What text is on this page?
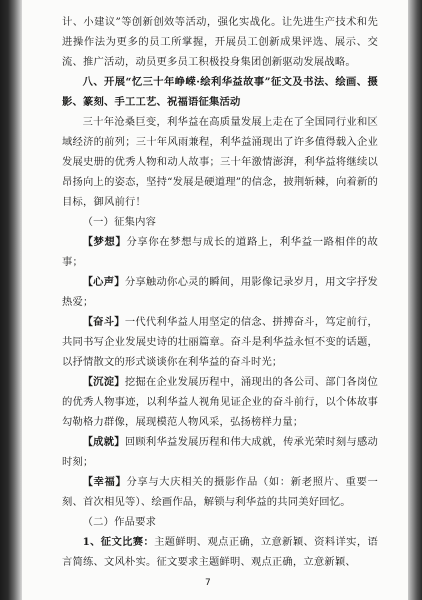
计、小建议”等创新创效等活动，强化实战化。让先进生产技术和先进操作法为更多的员工所掌握，开展员工创新成果评选、展示、交流、推广活动，动员更多员工积极投身集团创新驱动发展战略。

八、开展“忆三十年峥嵘·绘利华益故事”征文及书法、绘画、摄影、篆刻、手工工艺、祝福语征集活动

三十年沧桑巨变，利华益在高质量发展上走在了全国同行业和区域经济的前列；三十年风雨兼程，利华益涌现出了许多值得载入企业发展史册的优秀人物和动人故事；三十年激情澎湃，利华益将继续以昂扬向上的姿态，坚持“发展是硬道理”的信念，披荆斩棘，向着新的目标，御风前行！

（一）征集内容

【梦想】分享你在梦想与成长的道路上，利华益一路相伴的故事；

【心声】分享触动你心灵的瞬间，用影像记录岁月，用文字抒发热爱；

【奋斗】一代代利华益人用坚定的信念、拼搏奋斗，笃定前行，共同书写企业发展史诗的壮丽篇章。奋斗是利华益永恒不变的话题，以抒情散文的形式谈谈你在利华益的奋斗时光；

【沉淀】挖掘在企业发展历程中，涌现出的各公司、部门各岗位的优秀人物事迹，以利华益人视角见证企业的奋斗前行，以个体故事勾勒格力群像，展现模范人物风采，弘扬榜样力量；

【成就】回顾利华益发展历程和伟大成就，传承光荣时刻与感动时刻；

【幸福】分享与大庆相关的摄影作品（如：新老照片、重要一刻、首次相见等）、绘画作品，解锁与利华益的共同美好回忆。

（二）作品要求

1、征文比赛：主题鲜明、观点正确，立意新颖、资料详实，语言简练、文风朴实。征文要求主题鲜明、观点正确，立意新颖、

7
